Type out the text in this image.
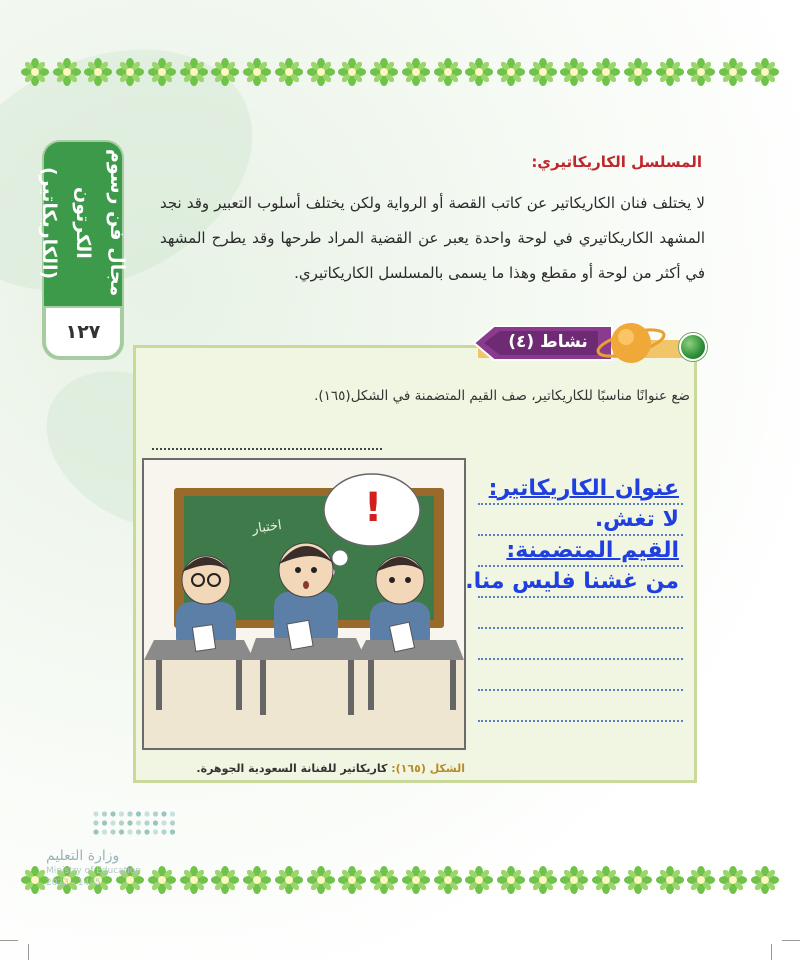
مجال فن رسوم الكرتون (الكاريكاتير)
١٢٧
المسلسل الكاريكاتيري:
لا يختلف فنان الكاريكاتير عن كاتب القصة أو الرواية ولكن يختلف أسلوب التعبير وقد نجد المشهد الكاريكاتيري في لوحة واحدة يعبر عن القضية المراد طرحها وقد يطرح المشهد في أكثر من لوحة أو مقطع وهذا ما يسمى بالمسلسل الكاريكاتيري.
نشاط (٤)
ضع عنوانًا مناسبًا للكاريكاتير، صف القيم المتضمنة في الشكل(١٦٥).
اختبار !
الشكل (١٦٥): كاريكاتير للفنانة السعودية الجوهرة.
عنوان الكاريكاتير:
لا تغش.
القيم المتضمنة:
من غشنا فليس منا.
وزارة التعليم
Ministry of Education
2023 - 1445
